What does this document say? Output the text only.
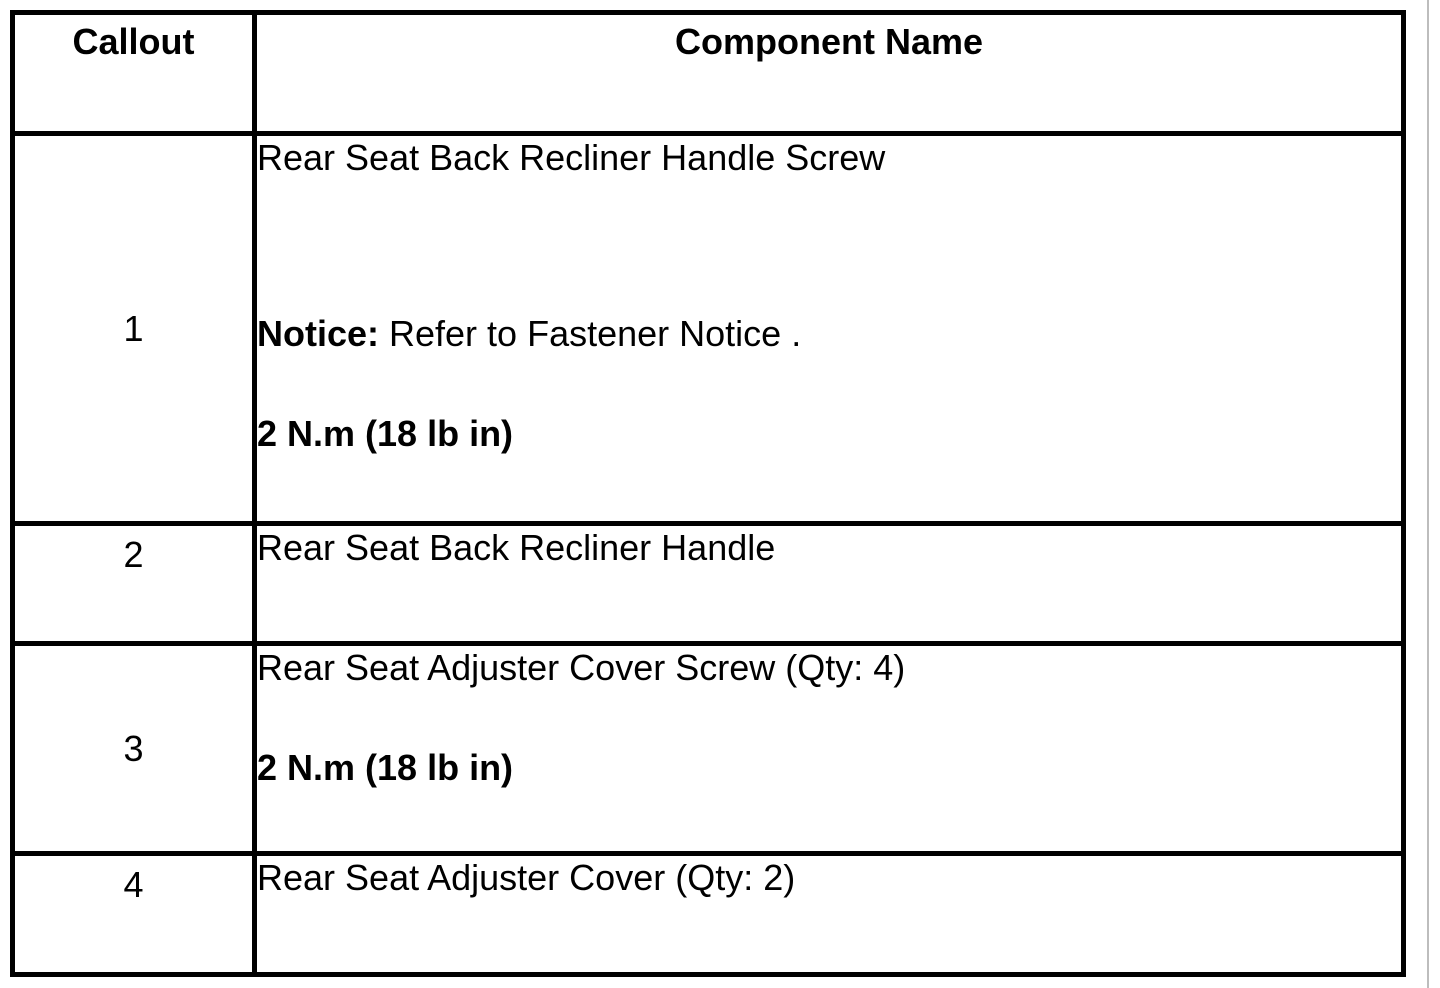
Callout	Component Name
1	Rear Seat Back Recliner Handle Screw
Notice: Refer to Fastener Notice .
2 N.m (18 lb in)

2	Rear Seat Back Recliner Handle

3	Rear Seat Adjuster Cover Screw (Qty: 4)
2 N.m (18 lb in)

4	Rear Seat Adjuster Cover (Qty: 2)
